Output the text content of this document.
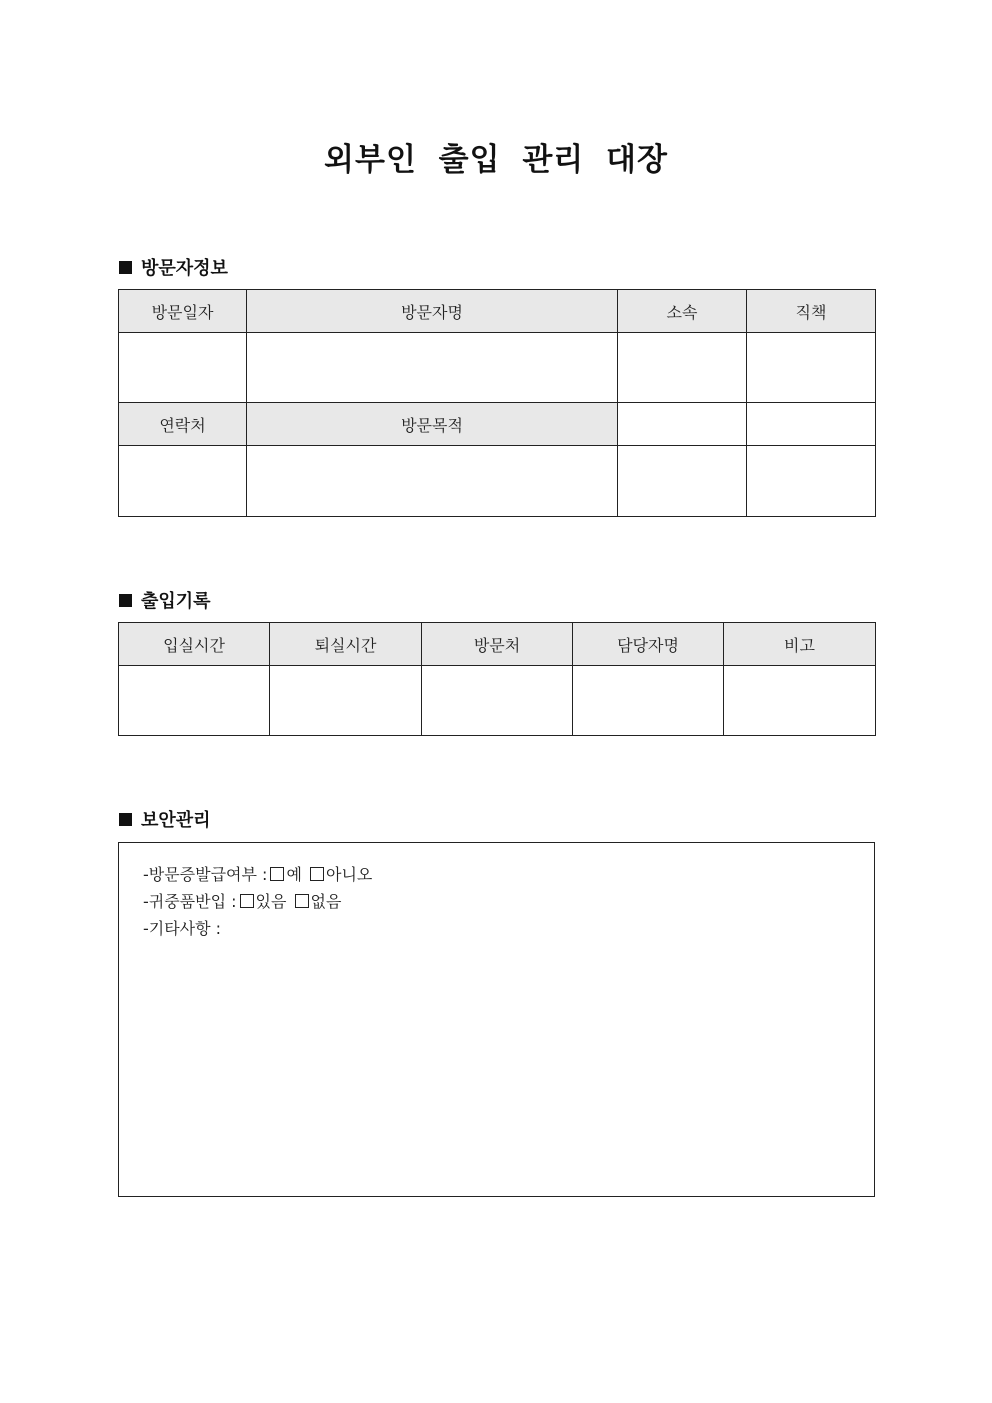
외부인 출입 관리 대장
방문자정보
방문일자	방문자명	소속	직책

연락처	방문목적		

출입기록
입실시간	퇴실시간	방문처	담당자명	비고

보안관리
-방문증발급여부 : 예 아니오
-귀중품반입 : 있음 없음
-기타사항 :
